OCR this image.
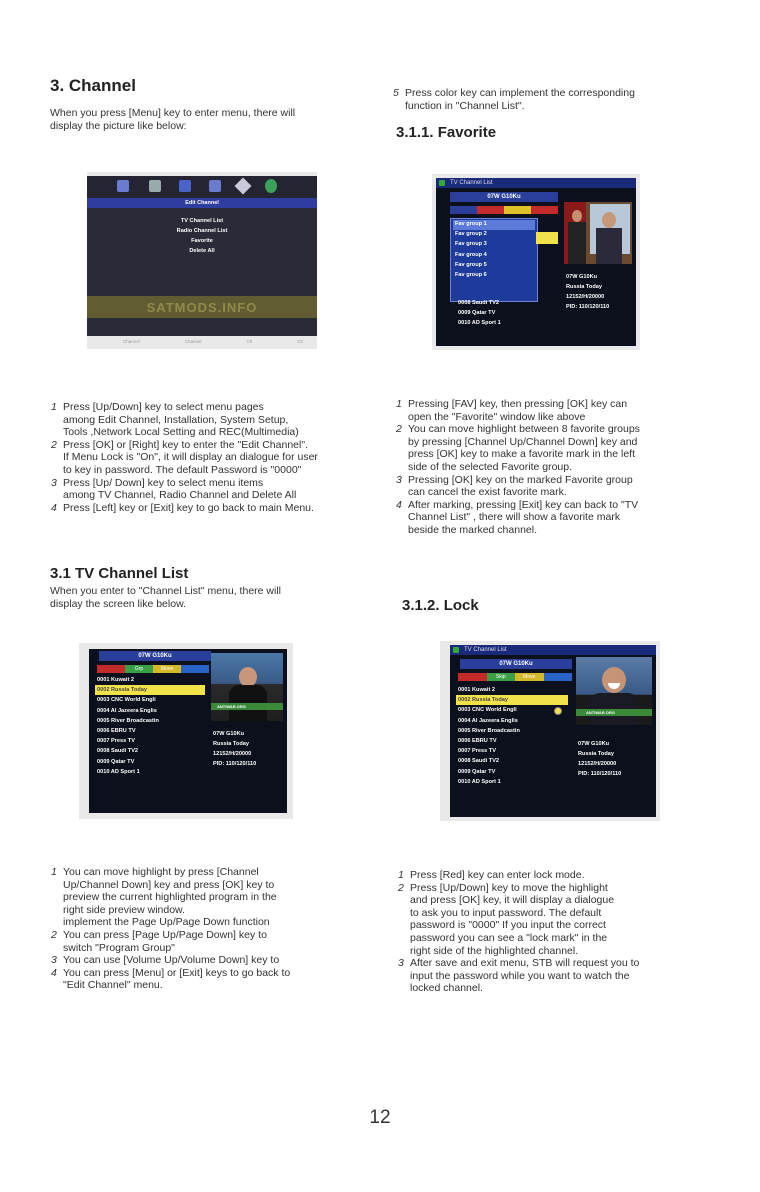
3. Channel
When you press [Menu] key to enter menu, there will
display the picture like below:
Edit Channel
TV Channel List
Radio Channel List
Favorite
Delete All
SATMODS.INFO
Channel	Channel	Ch	Ch
1 Press [Up/Down] key to select menu pages
among Edit Channel, Installation, System Setup,
Tools ,Network Local Setting and REC(Multimedia)
2 Press [OK] or [Right] key to enter the "Edit Channel".
If Menu Lock is "On", it will display an dialogue for user
to key in password. The default Password is "0000"
3 Press [Up/ Down] key to select menu items
among TV Channel, Radio Channel and Delete All
4 Press [Left] key or [Exit] key to go back to main Menu.
3.1 TV Channel List
When you enter to "Channel List" menu, there will
display the screen like below.
07W G10Ku
Grp	Move
0001 Kuwait 2
0002 Russia Today
0003 CNC World Engli
0004 Al Jazeera Englis
0005 River Broadcastin
0006 EBRU TV
0007 Press TV
0008 Saudi TV2
0009 Qatar TV
0010 AD Sport 1
ANTIWAR.ORG
07W G10Ku
Russia Today
12152/H/20000
PID: 110/120/110
1 You can move highlight by press [Channel
Up/Channel Down] key and press [OK] key to
preview the current highlighted program in the
right side preview window.
implement the Page Up/Page Down function
2 You can press [Page Up/Page Down] key to
switch "Program Group"
3 You can use [Volume Up/Volume Down] key to
4 You can press [Menu] or [Exit] keys to go back to
"Edit Channel" menu.
5 Press color key can implement the corresponding
function in "Channel List".
3.1.1. Favorite
TV Channel List
07W G10Ku
Fav group 1
Fav group 2
Fav group 3
Fav group 4
Fav group 5
Fav group 6
0008 Saudi TV2
0009 Qatar TV
0010 AD Sport 1
07W G10Ku
Russia Today
12152/H/20000
PID: 110/120/110
1 Pressing [FAV] key, then pressing [OK] key can
open the "Favorite" window like above
2 You can move highlight between 8 favorite groups
by pressing [Channel Up/Channel Down] key and
press [OK] key to make a favorite mark in the left
side of the selected Favorite group.
3 Pressing [OK] key on the marked Favorite group
can cancel the exist favorite mark.
4 After marking, pressing [Exit] key can back to "TV
Channel List" , there will show a favorite mark
beside the marked channel.
3.1.2. Lock
TV Channel List
07W G10Ku
Skip	Move
0001 Kuwait 2
0002 Russia Today
0003 CNC World Engli
0004 Al Jazeera Englis
0005 River Broadcastin
0006 EBRU TV
0007 Press TV
0008 Saudi TV2
0009 Qatar TV
0010 AD Sport 1
ANTIWAR.ORG
07W G10Ku
Russia Today
12152/H/20000
PID: 110/120/110
1 Press [Red] key can enter lock mode.
2 Press [Up/Down] key to move the highlight
and press [OK] key, it will display a dialogue
to ask you to input password. The default
password is "0000" If you input the correct
password you can see a "lock mark" in the
right side of the highlighted channel.
3 After save and exit menu, STB will request you to
input the password while you want to watch the
locked channel.
12
